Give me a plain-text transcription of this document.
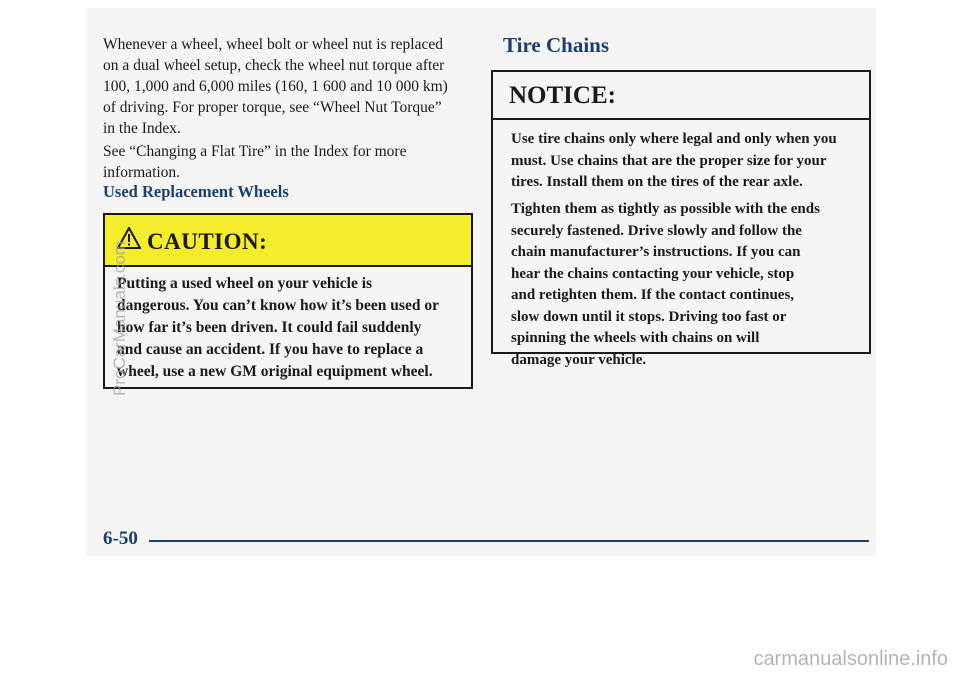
Whenever a wheel, wheel bolt or wheel nut is replaced
on a dual wheel setup, check the wheel nut torque after
100, 1,000 and 6,000 miles (160, 1 600 and 10 000 km)
of driving. For proper torque, see “Wheel Nut Torque”
in the Index.
See “Changing a Flat Tire” in the Index for more
information.
Used Replacement Wheels
CAUTION:
Putting a used wheel on your vehicle is
dangerous. You can’t know how it’s been used or
how far it’s been driven. It could fail suddenly
and cause an accident. If you have to replace a
wheel, use a new GM original equipment wheel.
Tire Chains
NOTICE:
Use tire chains only where legal and only when you
must. Use chains that are the proper size for your
tires. Install them on the tires of the rear axle.
Tighten them as tightly as possible with the ends
securely fastened. Drive slowly and follow the
chain manufacturer’s instructions. If you can
hear the chains contacting your vehicle, stop
and retighten them. If the contact continues,
slow down until it stops. Driving too fast or
spinning the wheels with chains on will
damage your vehicle.
6-50
ProCarManuals.com
carmanualsonline.info
